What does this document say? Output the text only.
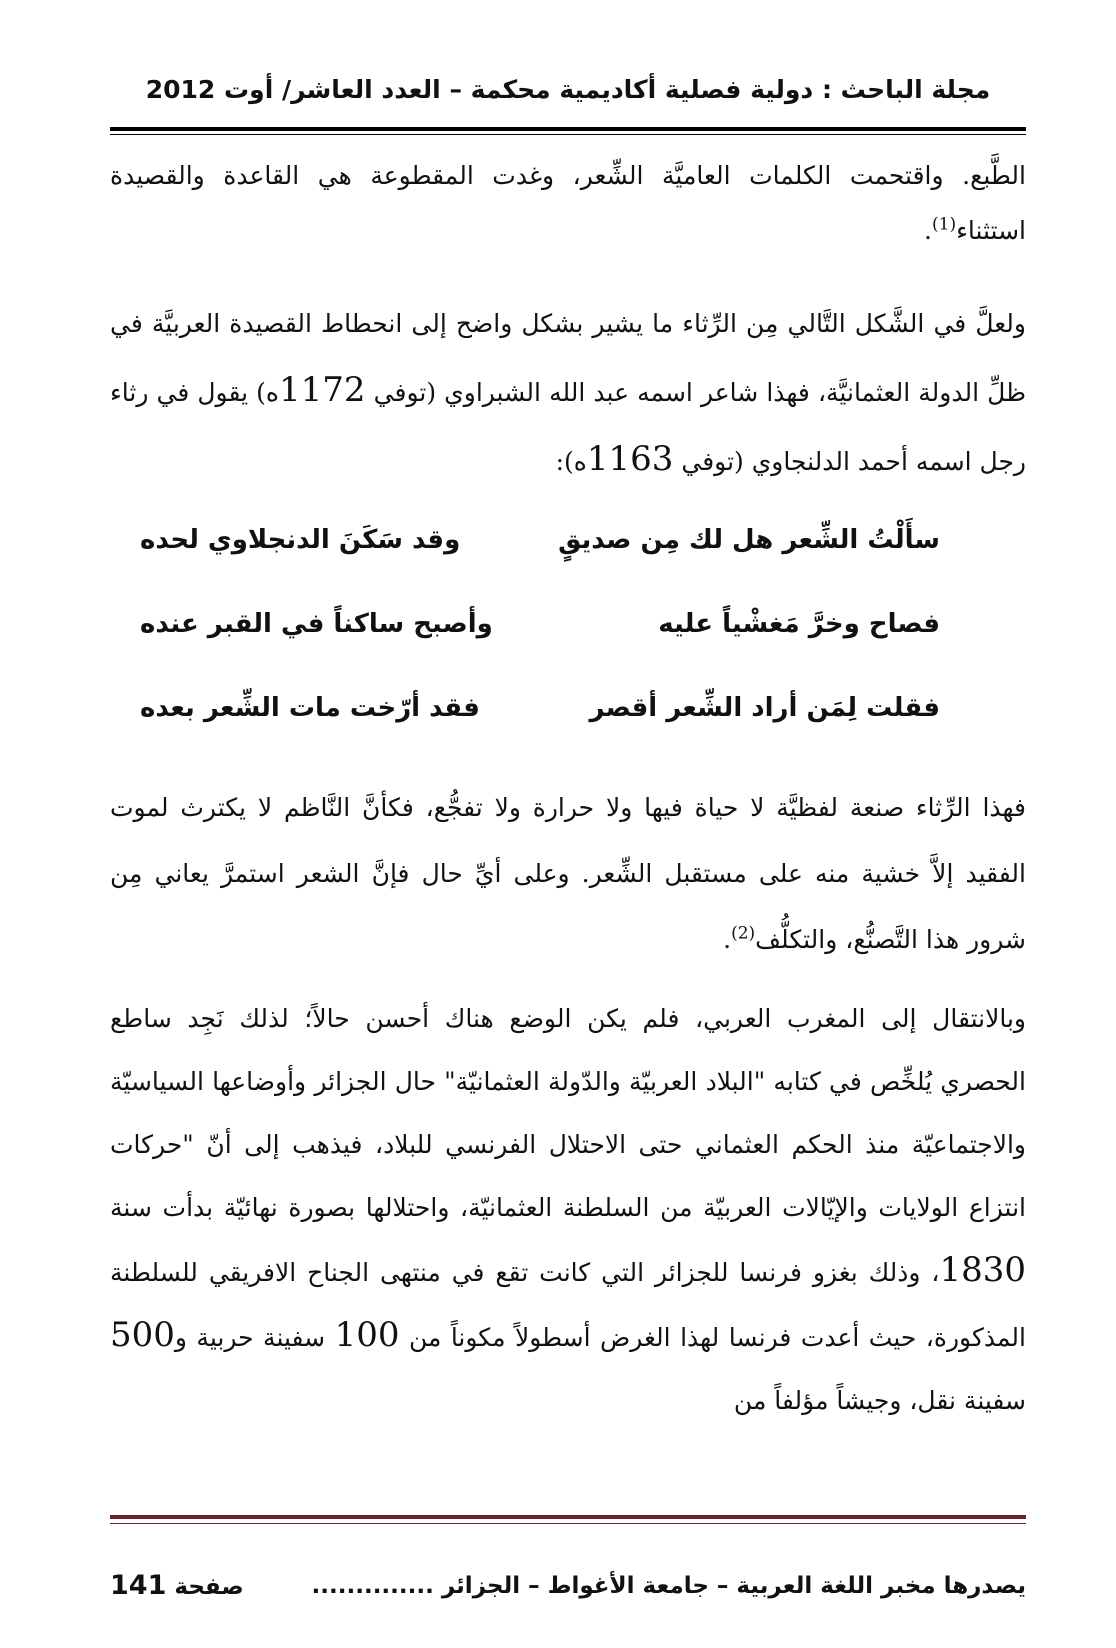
مجلة الباحث : دولية فصلية أكاديمية محكمة – العدد العاشر/ أوت 2012

الطَّبع. واقتحمت الكلمات العاميَّة الشِّعر، وغدت المقطوعة هي القاعدة والقصيدة استثناء$^{(1)}$.

ولعلَّ في الشَّكل التَّالي مِن الرِّثاء ما يشير بشكل واضح إلى انحطاط القصيدة العربيَّة في ظلِّ الدولة العثمانيَّة، فهذا شاعر اسمه عبد الله الشبراوي (توفي 1172ه) يقول في رثاء رجل اسمه أحمد الدلنجاوي (توفي 1163ه):

سأَلْتُ الشِّعر هل لك مِن صديقٍ
وقد سَكَنَ الدنجلاوي لحده
فصاح وخرَّ مَغشْياً عليه
وأصبح ساكناً في القبر عنده
فقلت لِمَن أراد الشِّعر أقصر
فقد أرّخت مات الشِّعر بعده

فهذا الرِّثاء صنعة لفظيَّة لا حياة فيها ولا حرارة ولا تفجُّع، فكأنَّ النَّاظم لا يكترث لموت الفقيد إلاَّ خشية منه على مستقبل الشِّعر. وعلى أيِّ حال فإنَّ الشعر استمرَّ يعاني مِن شرور هذا التَّصنُّع، والتكلُّف$^{(2)}$.

وبالانتقال إلى المغرب العربي، فلم يكن الوضع هناك أحسن حالاً؛ لذلك نَجِد ساطع الحصري يُلخِّص في كتابه "البلاد العربيّة والدّولة العثمانيّة" حال الجزائر وأوضاعها السياسيّة والاجتماعيّة منذ الحكم العثماني حتى الاحتلال الفرنسي للبلاد، فيذهب إلى أنّ "حركات انتزاع الولايات والإيّالات العربيّة من السلطنة العثمانيّة، واحتلالها بصورة نهائيّة بدأت سنة 1830، وذلك بغزو فرنسا للجزائر التي كانت تقع في منتهى الجناح الافريقي للسلطنة المذكورة، حيث أعدت فرنسا لهذا الغرض أسطولاً مكوناً من 100 سفينة حربية و500 سفينة نقل، وجيشاً مؤلفاً من

يصدرها مخبر اللغة العربية – جامعة الأغواط – الجزائر ..............
صفحة 141
